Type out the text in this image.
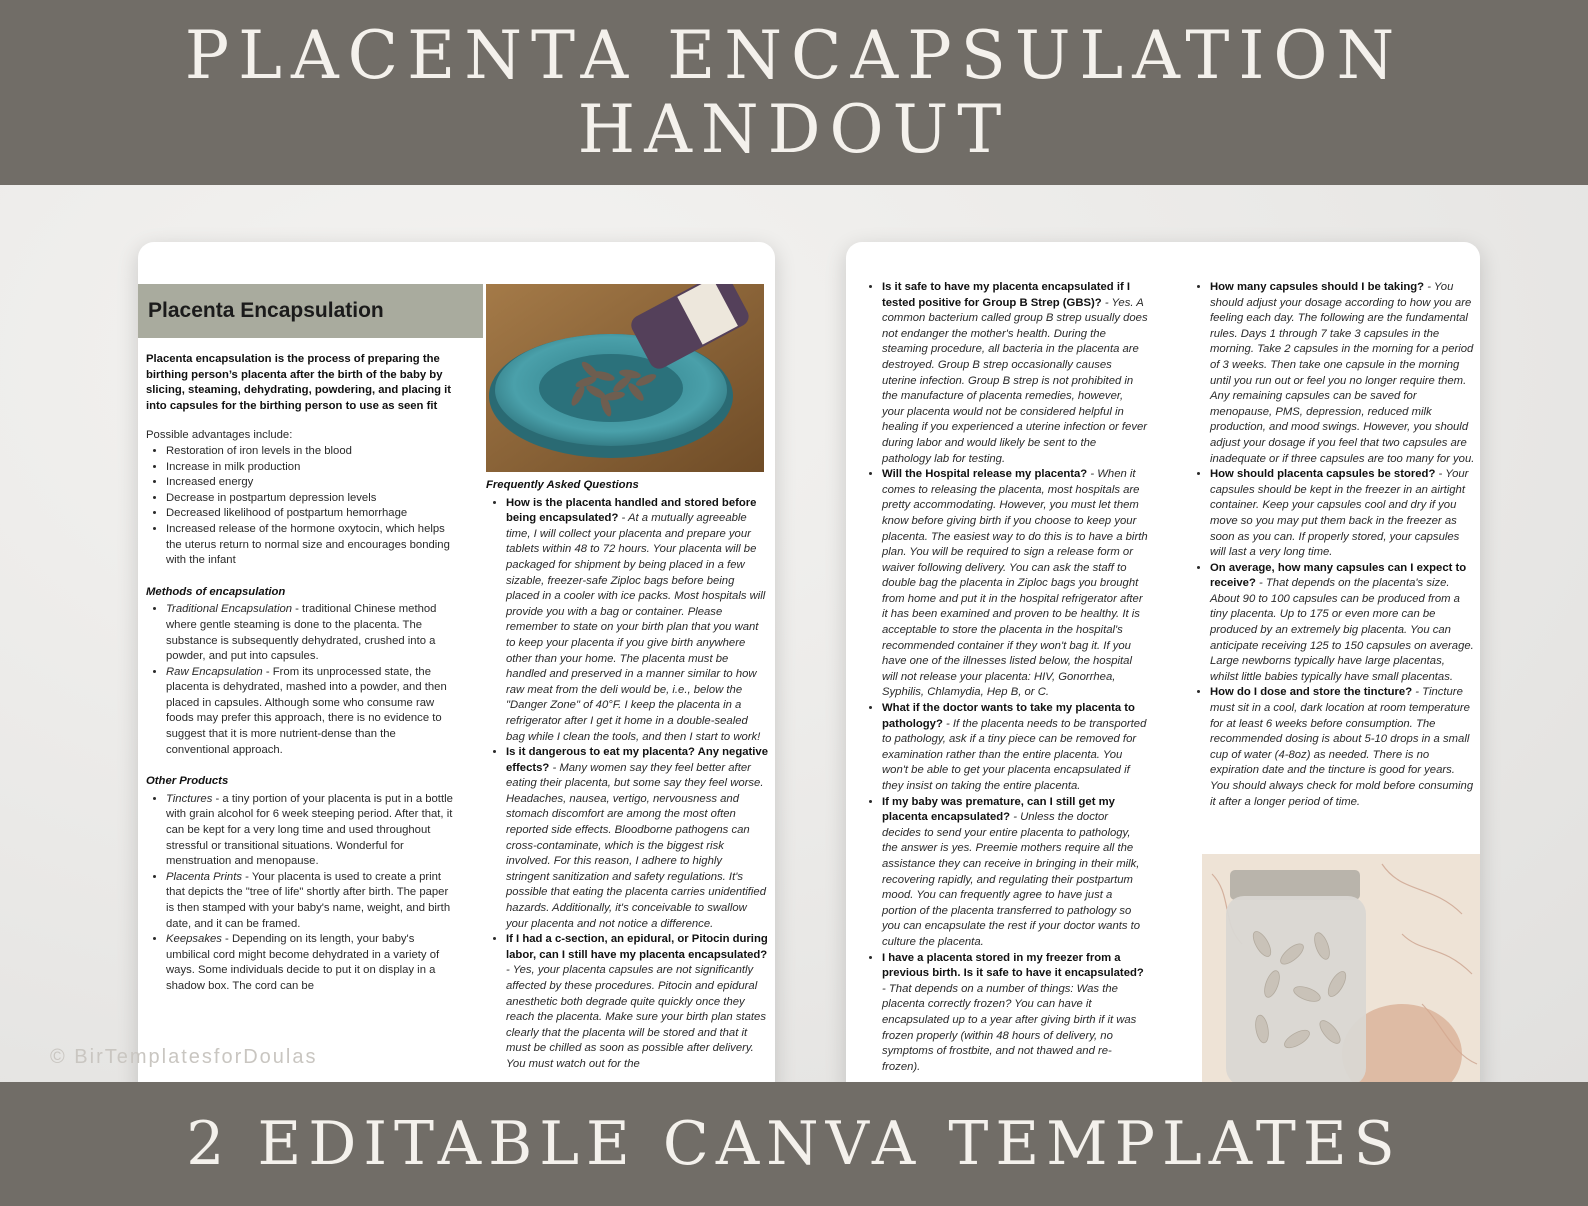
PLACENTA ENCAPSULATION
HANDOUT
Placenta Encapsulation

Placenta encapsulation is the process of preparing the birthing person’s placenta after the birth of the baby by slicing, steaming, dehydrating, powdering, and placing it into capsules for the birthing person to use as seen fit

Possible advantages include:

• Restoration of iron levels in the blood
• Increase in milk production
• Increased energy
• Decrease in postpartum depression levels
• Decreased likelihood of postpartum hemorrhage
• Increased release of the hormone oxytocin, which helps the uterus return to normal size and encourages bonding with the infant

Methods of encapsulation

• Traditional Encapsulation - traditional Chinese method where gentle steaming is done to the placenta. The substance is subsequently dehydrated, crushed into a powder, and put into capsules.
• Raw Encapsulation - From its unprocessed state, the placenta is dehydrated, mashed into a powder, and then placed in capsules. Although some who consume raw foods may prefer this approach, there is no evidence to suggest that it is more nutrient-dense than the conventional approach.

Other Products

• Tinctures - a tiny portion of your placenta is put in a bottle with grain alcohol for 6 week steeping period. After that, it can be kept for a very long time and used throughout stressful or transitional situations. Wonderful for menstruation and menopause.
• Placenta Prints - Your placenta is used to create a print that depicts the "tree of life" shortly after birth. The paper is then stamped with your baby's name, weight, and birth date, and it can be framed.
• Keepsakes - Depending on its length, your baby's umbilical cord might become dehydrated in a variety of ways. Some individuals decide to put it on display in a shadow box. The cord can be

Frequently Asked Questions

• How is the placenta handled and stored before being encapsulated? - At a mutually agreeable time, I will collect your placenta and prepare your tablets within 48 to 72 hours. Your placenta will be packaged for shipment by being placed in a few sizable, freezer-safe Ziploc bags before being placed in a cooler with ice packs. Most hospitals will provide you with a bag or container. Please remember to state on your birth plan that you want to keep your placenta if you give birth anywhere other than your home. The placenta must be handled and preserved in a manner similar to how raw meat from the deli would be, i.e., below the "Danger Zone" of 40°F. I keep the placenta in a refrigerator after I get it home in a double-sealed bag while I clean the tools, and then I start to work!
• Is it dangerous to eat my placenta? Any negative effects? - Many women say they feel better after eating their placenta, but some say they feel worse. Headaches, nausea, vertigo, nervousness and stomach discomfort are among the most often reported side effects. Bloodborne pathogens can cross-contaminate, which is the biggest risk involved. For this reason, I adhere to highly stringent sanitization and safety regulations. It's possible that eating the placenta carries unidentified hazards. Additionally, it's conceivable to swallow your placenta and not notice a difference.
• If I had a c-section, an epidural, or Pitocin during labor, can I still have my placenta encapsulated? - Yes, your placenta capsules are not significantly affected by these procedures. Pitocin and epidural anesthetic both degrade quite quickly once they reach the placenta. Make sure your birth plan states clearly that the placenta will be stored and that it must be chilled as soon as possible after delivery. You must watch out for the
• Is it safe to have my placenta encapsulated if I tested positive for Group B Strep (GBS)? - Yes. A common bacterium called group B strep usually does not endanger the mother's health. During the steaming procedure, all bacteria in the placenta are destroyed. Group B strep occasionally causes uterine infection. Group B strep is not prohibited in the manufacture of placenta remedies, however, your placenta would not be considered helpful in healing if you experienced a uterine infection or fever during labor and would likely be sent to the pathology lab for testing.
• Will the Hospital release my placenta? - When it comes to releasing the placenta, most hospitals are pretty accommodating. However, you must let them know before giving birth if you choose to keep your placenta. The easiest way to do this is to have a birth plan. You will be required to sign a release form or waiver following delivery. You can ask the staff to double bag the placenta in Ziploc bags you brought from home and put it in the hospital refrigerator after it has been examined and proven to be healthy. It is acceptable to store the placenta in the hospital's recommended container if they won't bag it. If you have one of the illnesses listed below, the hospital will not release your placenta: HIV, Gonorrhea, Syphilis, Chlamydia, Hep B, or C.
• What if the doctor wants to take my placenta to pathology? - If the placenta needs to be transported to pathology, ask if a tiny piece can be removed for examination rather than the entire placenta. You won't be able to get your placenta encapsulated if they insist on taking the entire placenta.
• If my baby was premature, can I still get my placenta encapsulated? - Unless the doctor decides to send your entire placenta to pathology, the answer is yes. Preemie mothers require all the assistance they can receive in bringing in their milk, recovering rapidly, and regulating their postpartum mood. You can frequently agree to have just a portion of the placenta transferred to pathology so you can encapsulate the rest if your doctor wants to culture the placenta.
• I have a placenta stored in my freezer from a previous birth. Is it safe to have it encapsulated? - That depends on a number of things: Was the placenta correctly frozen? You can have it encapsulated up to a year after giving birth if it was frozen properly (within 48 hours of delivery, no symptoms of frostbite, and not thawed and re-frozen).
• How many capsules should I be taking? - You should adjust your dosage according to how you are feeling each day. The following are the fundamental rules. Days 1 through 7 take 3 capsules in the morning. Take 2 capsules in the morning for a period of 3 weeks. Then take one capsule in the morning until you run out or feel you no longer require them. Any remaining capsules can be saved for menopause, PMS, depression, reduced milk production, and mood swings. However, you should adjust your dosage if you feel that two capsules are inadequate or if three capsules are too many for you.
• How should placenta capsules be stored? - Your capsules should be kept in the freezer in an airtight container. Keep your capsules cool and dry if you move so you may put them back in the freezer as soon as you can. If properly stored, your capsules will last a very long time.
• On average, how many capsules can I expect to receive? - That depends on the placenta's size. About 90 to 100 capsules can be produced from a tiny placenta. Up to 175 or even more can be produced by an extremely big placenta. You can anticipate receiving 125 to 150 capsules on average. Large newborns typically have large placentas, whilst little babies typically have small placentas.
• How do I dose and store the tincture? - Tincture must sit in a cool, dark location at room temperature for at least 6 weeks before consumption. The recommended dosing is about 5-10 drops in a small cup of water (4-8oz) as needed. There is no expiration date and the tincture is good for years. You should always check for mold before consuming it after a longer period of time.
© BirTemplatesforDoulas
2 EDITABLE CANVA TEMPLATES
